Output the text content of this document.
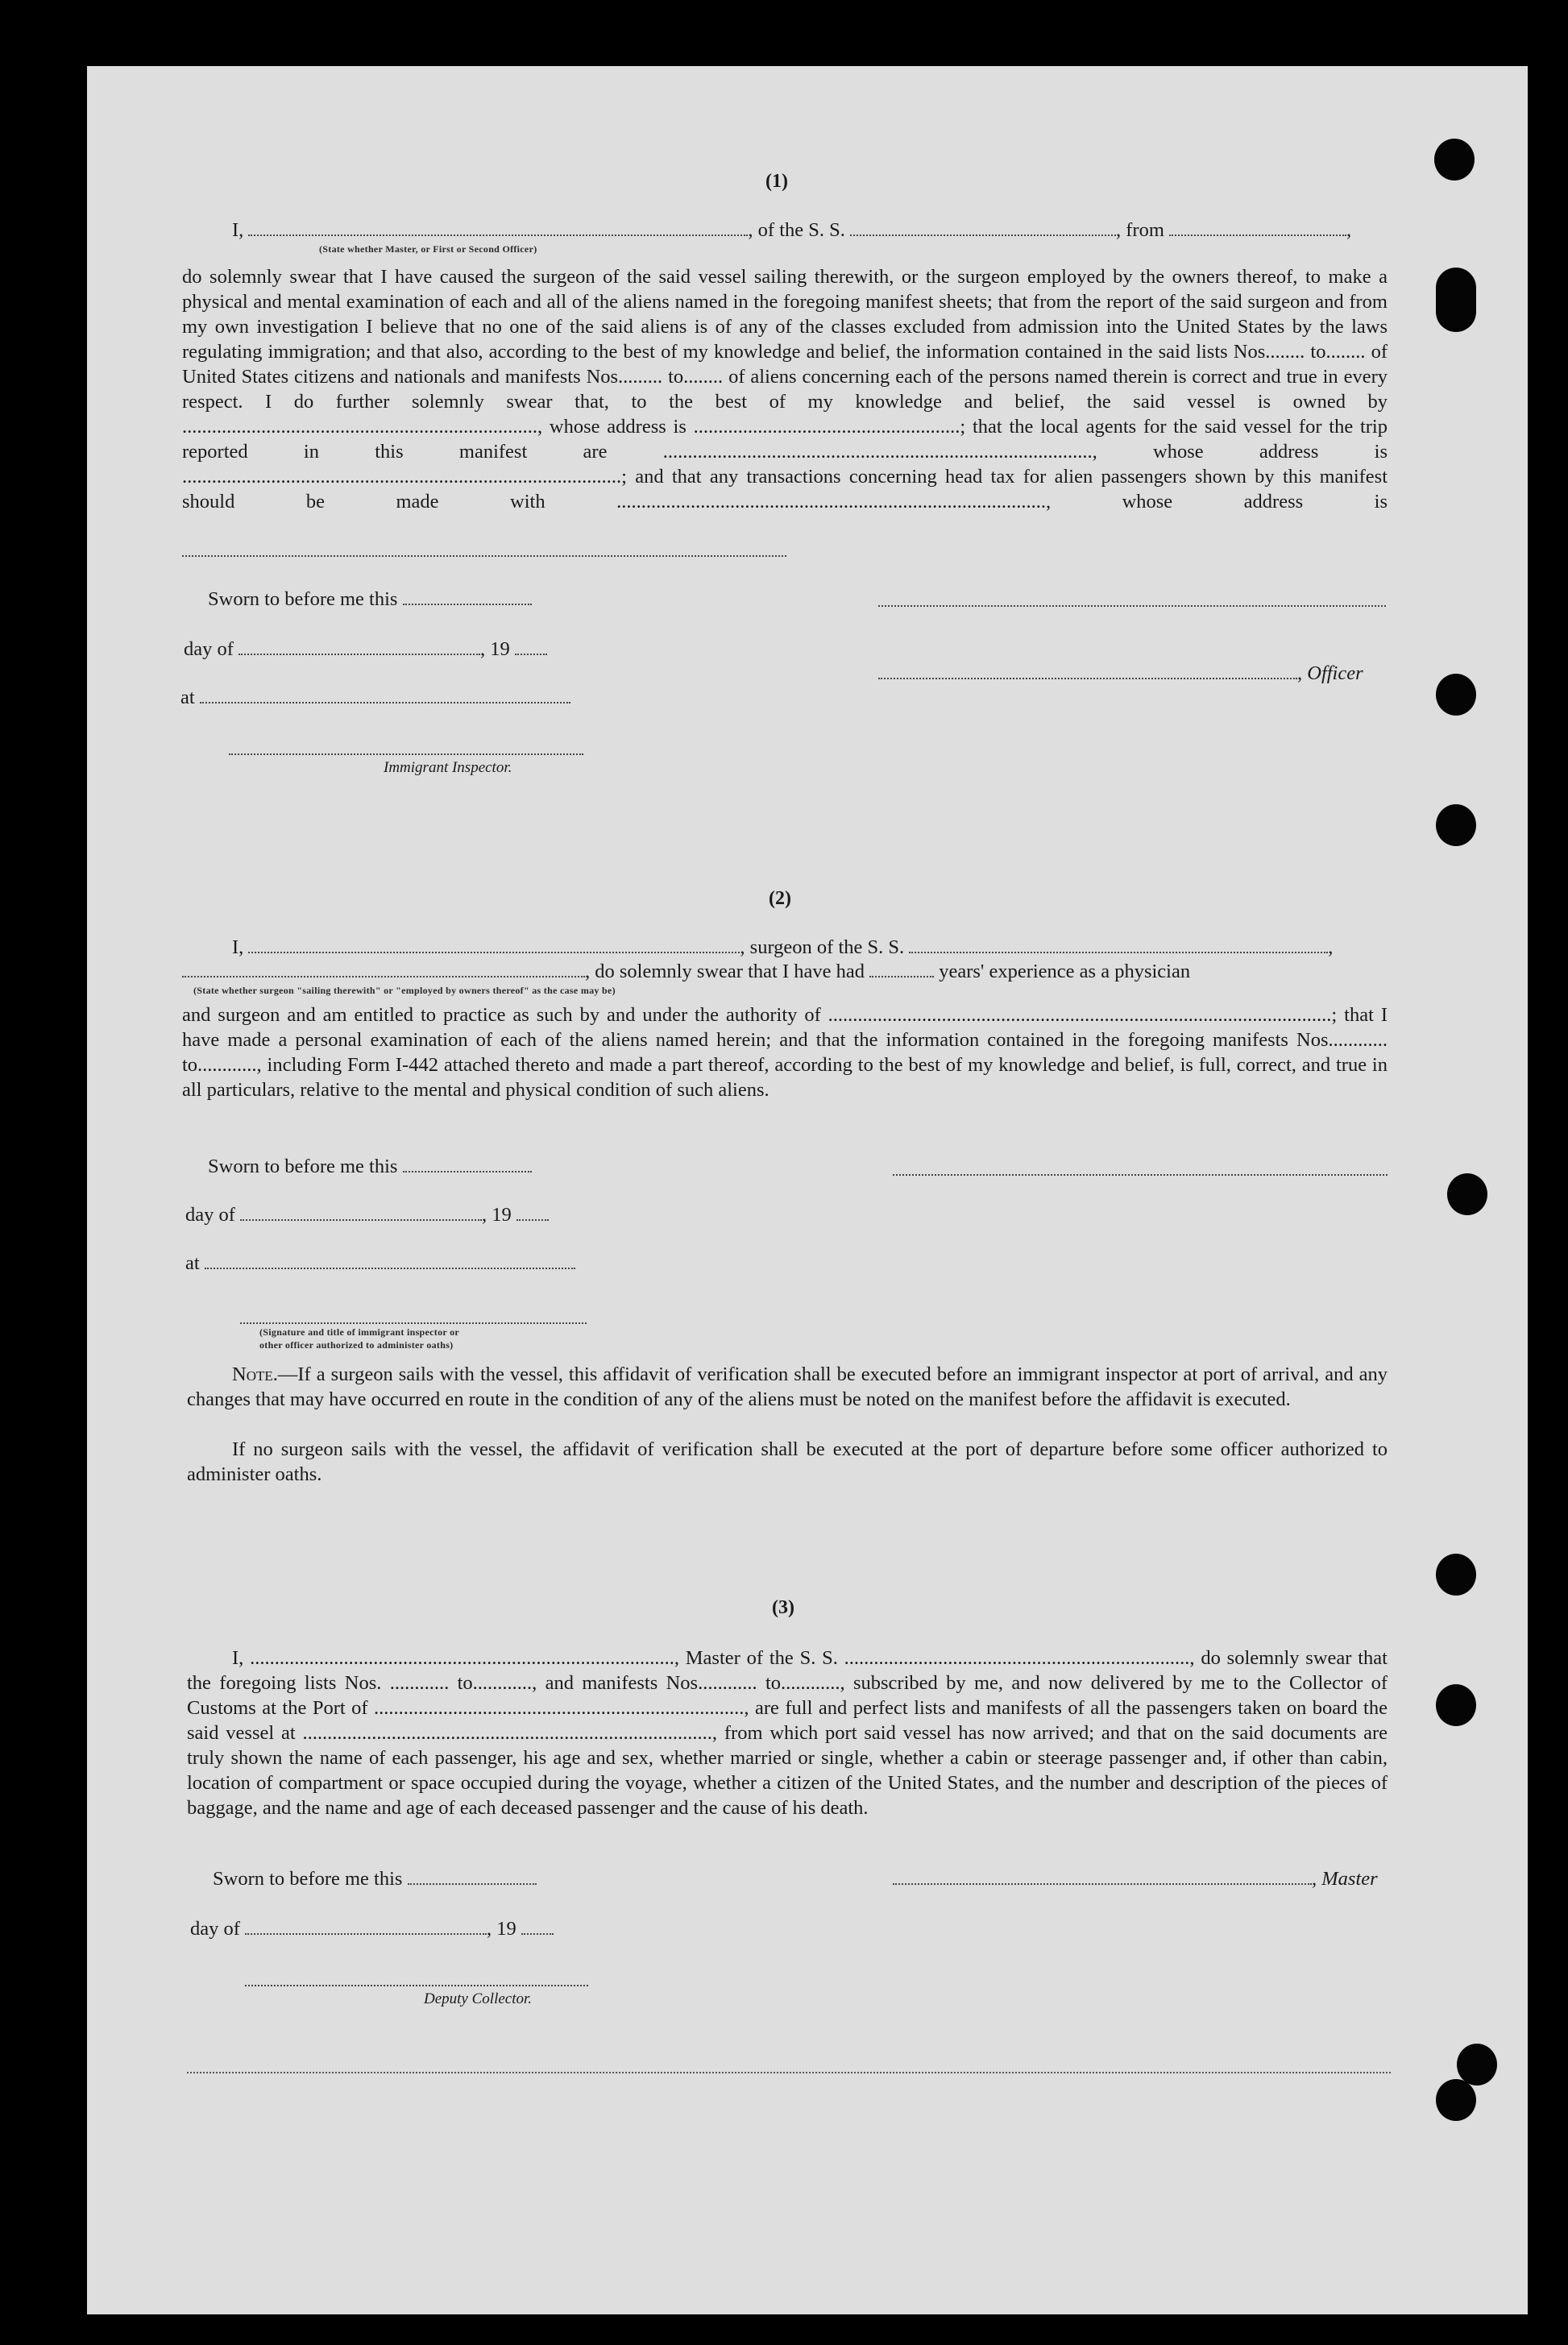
(1)
I,	, of the S. S.	, from	,
(State whether Master, or First or Second Officer)
do solemnly swear that I have caused the surgeon of the said vessel sailing therewith, or the surgeon employed by the owners thereof, to make a physical and mental examination of each and all of the aliens named in the foregoing manifest sheets; that from the report of the said surgeon and from my own investigation I believe that no one of the said aliens is of any of the classes excluded from admission into the United States by the laws regulating immigration; and that also, according to the best of my knowledge and belief, the information contained in the said lists Nos........ to........ of United States citizens and nationals and manifests Nos......... to........ of aliens concerning each of the persons named therein is correct and true in every respect. I do further solemnly swear that, to the best of my knowledge and belief, the said vessel is owned by ........................................................................, whose address is ......................................................; that the local agents for the said vessel for the trip reported in this manifest are ......................................................................................., whose address is .........................................................................................; and that any transactions concerning head tax for alien passengers shown by this manifest should be made with ......................................................................................., whose address is
Sworn to before me this
day of	, 19
, Officer
at
Immigrant Inspector.
(2)
I,	, surgeon of the S. S.	,
, do solemnly swear that I have had	years' experience as a physician
(State whether surgeon "sailing therewith" or "employed by owners thereof" as the case may be)
and surgeon and am entitled to practice as such by and under the authority of ......................................................................................................; that I have made a personal examination of each of the aliens named herein; and that the information contained in the foregoing manifests Nos............ to............, including Form I-442 attached thereto and made a part thereof, according to the best of my knowledge and belief, is full, correct, and true in all particulars, relative to the mental and physical condition of such aliens.
Sworn to before me this
day of	, 19
at
(Signature and title of immigrant inspector or
other officer authorized to administer oaths)
Note.—If a surgeon sails with the vessel, this affidavit of verification shall be executed before an immigrant inspector at port of arrival, and any changes that may have occurred en route in the condition of any of the aliens must be noted on the manifest before the affidavit is executed.
If no surgeon sails with the vessel, the affidavit of verification shall be executed at the port of departure before some officer authorized to administer oaths.
(3)
I, ......................................................................................, Master of the S. S. ......................................................................, do solemnly swear that the foregoing lists Nos. ............ to............, and manifests Nos............ to............, subscribed by me, and now delivered by me to the Collector of Customs at the Port of ..........................................................................., are full and perfect lists and manifests of all the passengers taken on board the said vessel at ..................................................................................., from which port said vessel has now arrived; and that on the said documents are truly shown the name of each passenger, his age and sex, whether married or single, whether a cabin or steerage passenger and, if other than cabin, location of compartment or space occupied during the voyage, whether a citizen of the United States, and the number and description of the pieces of baggage, and the name and age of each deceased passenger and the cause of his death.
Sworn to before me this	, Master
day of	, 19
Deputy Collector.
